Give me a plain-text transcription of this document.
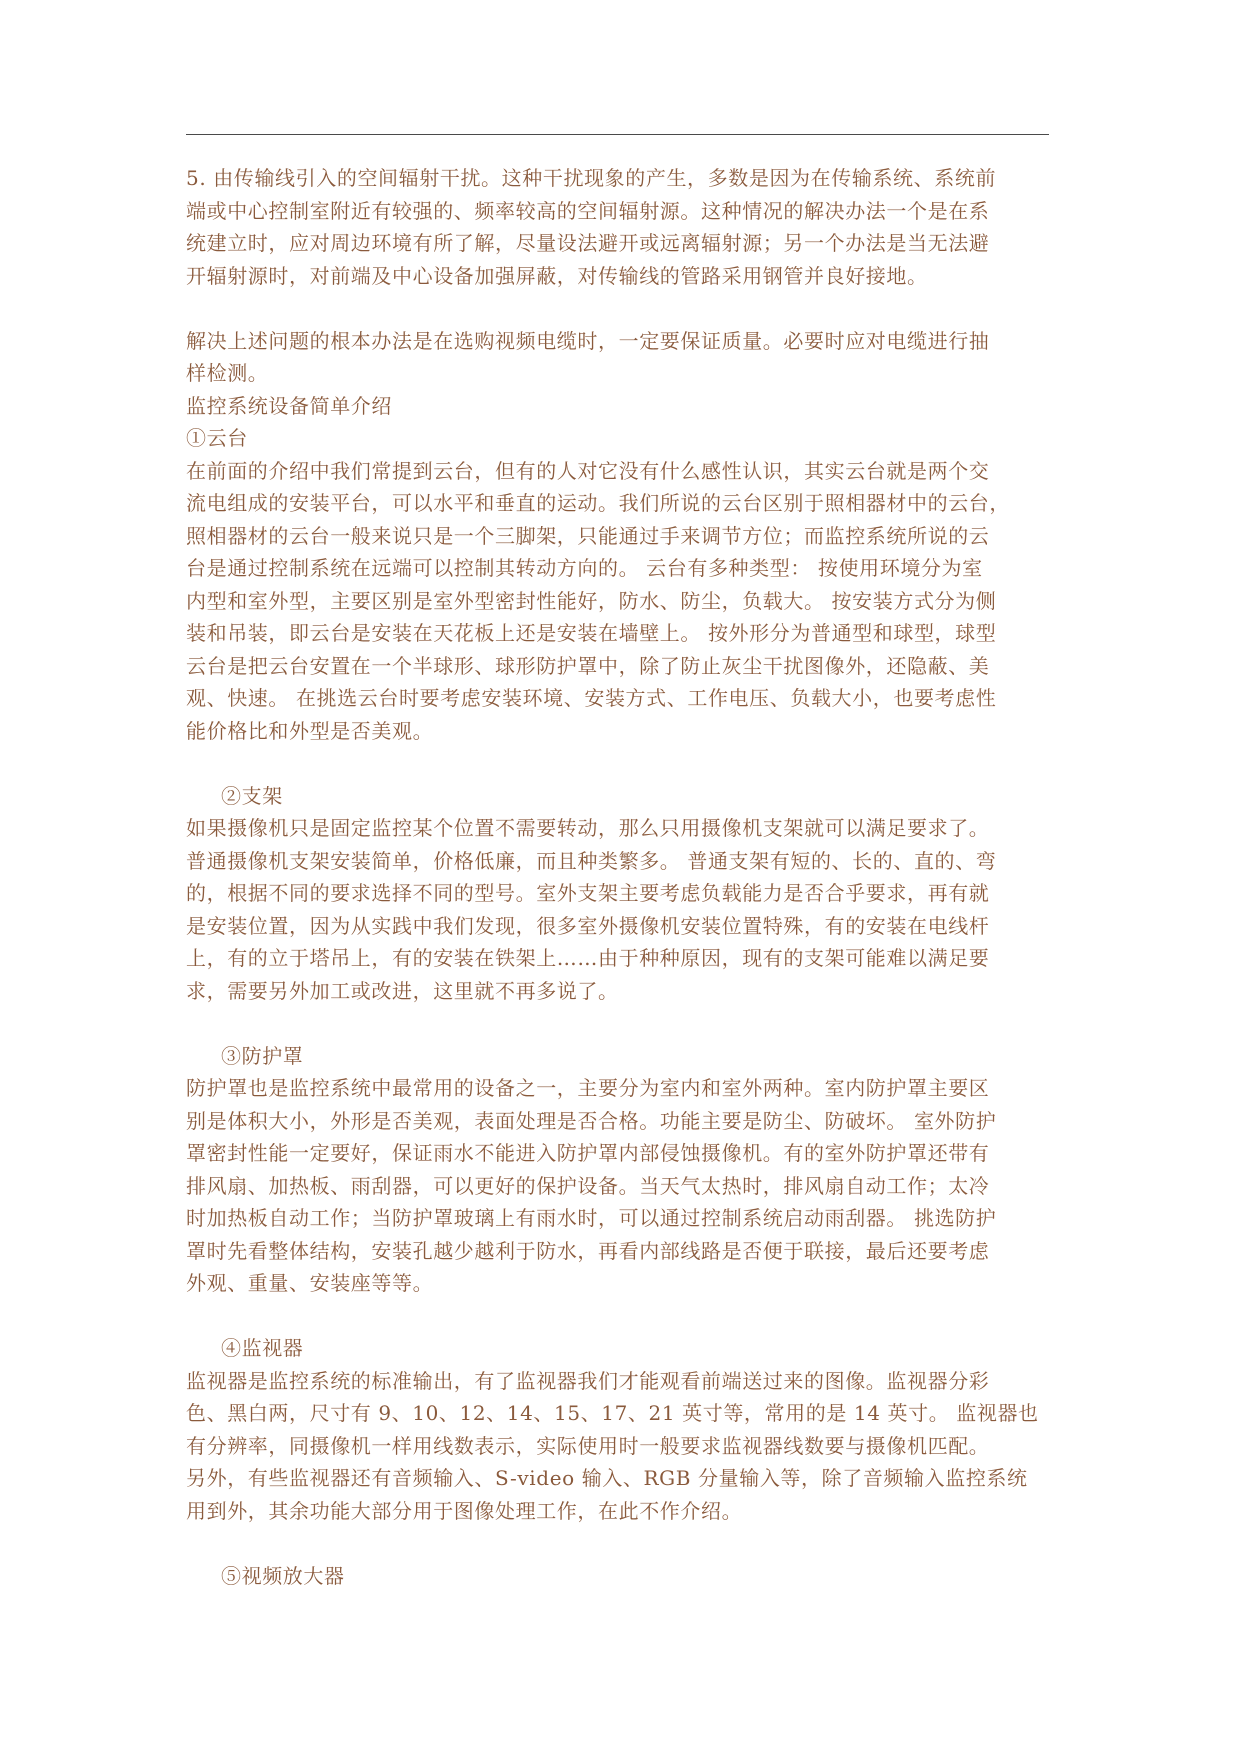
5. 由传输线引入的空间辐射干扰。这种干扰现象的产生，多数是因为在传输系统、系统前
端或中心控制室附近有较强的、频率较高的空间辐射源。这种情况的解决办法一个是在系
统建立时，应对周边环境有所了解，尽量设法避开或远离辐射源；另一个办法是当无法避
开辐射源时，对前端及中心设备加强屏蔽，对传输线的管路采用钢管并良好接地。
解决上述问题的根本办法是在选购视频电缆时，一定要保证质量。必要时应对电缆进行抽
样检测。
监控系统设备简单介绍
①云台
在前面的介绍中我们常提到云台，但有的人对它没有什么感性认识，其实云台就是两个交
流电组成的安装平台，可以水平和垂直的运动。我们所说的云台区别于照相器材中的云台，
照相器材的云台一般来说只是一个三脚架，只能通过手来调节方位；而监控系统所说的云
台是通过控制系统在远端可以控制其转动方向的。 云台有多种类型： 按使用环境分为室
内型和室外型，主要区别是室外型密封性能好，防水、防尘，负载大。 按安装方式分为侧
装和吊装，即云台是安装在天花板上还是安装在墙壁上。 按外形分为普通型和球型，球型
云台是把云台安置在一个半球形、球形防护罩中，除了防止灰尘干扰图像外，还隐蔽、美
观、快速。 在挑选云台时要考虑安装环境、安装方式、工作电压、负载大小，也要考虑性
能价格比和外型是否美观。
②支架
如果摄像机只是固定监控某个位置不需要转动，那么只用摄像机支架就可以满足要求了。
普通摄像机支架安装简单，价格低廉，而且种类繁多。 普通支架有短的、长的、直的、弯
的，根据不同的要求选择不同的型号。室外支架主要考虑负载能力是否合乎要求，再有就
是安装位置，因为从实践中我们发现，很多室外摄像机安装位置特殊，有的安装在电线杆
上，有的立于塔吊上，有的安装在铁架上……由于种种原因，现有的支架可能难以满足要
求，需要另外加工或改进，这里就不再多说了。
③防护罩
防护罩也是监控系统中最常用的设备之一，主要分为室内和室外两种。室内防护罩主要区
别是体积大小，外形是否美观，表面处理是否合格。功能主要是防尘、防破坏。 室外防护
罩密封性能一定要好，保证雨水不能进入防护罩内部侵蚀摄像机。有的室外防护罩还带有
排风扇、加热板、雨刮器，可以更好的保护设备。当天气太热时，排风扇自动工作；太冷
时加热板自动工作；当防护罩玻璃上有雨水时，可以通过控制系统启动雨刮器。 挑选防护
罩时先看整体结构，安装孔越少越利于防水，再看内部线路是否便于联接，最后还要考虑
外观、重量、安装座等等。
④监视器
监视器是监控系统的标准输出，有了监视器我们才能观看前端送过来的图像。监视器分彩
色、黑白两，尺寸有 9、10、12、14、15、17、21 英寸等，常用的是 14 英寸。 监视器也
有分辨率，同摄像机一样用线数表示，实际使用时一般要求监视器线数要与摄像机匹配。
另外，有些监视器还有音频输入、S-video 输入、RGB 分量输入等，除了音频输入监控系统
用到外，其余功能大部分用于图像处理工作，在此不作介绍。
⑤视频放大器
